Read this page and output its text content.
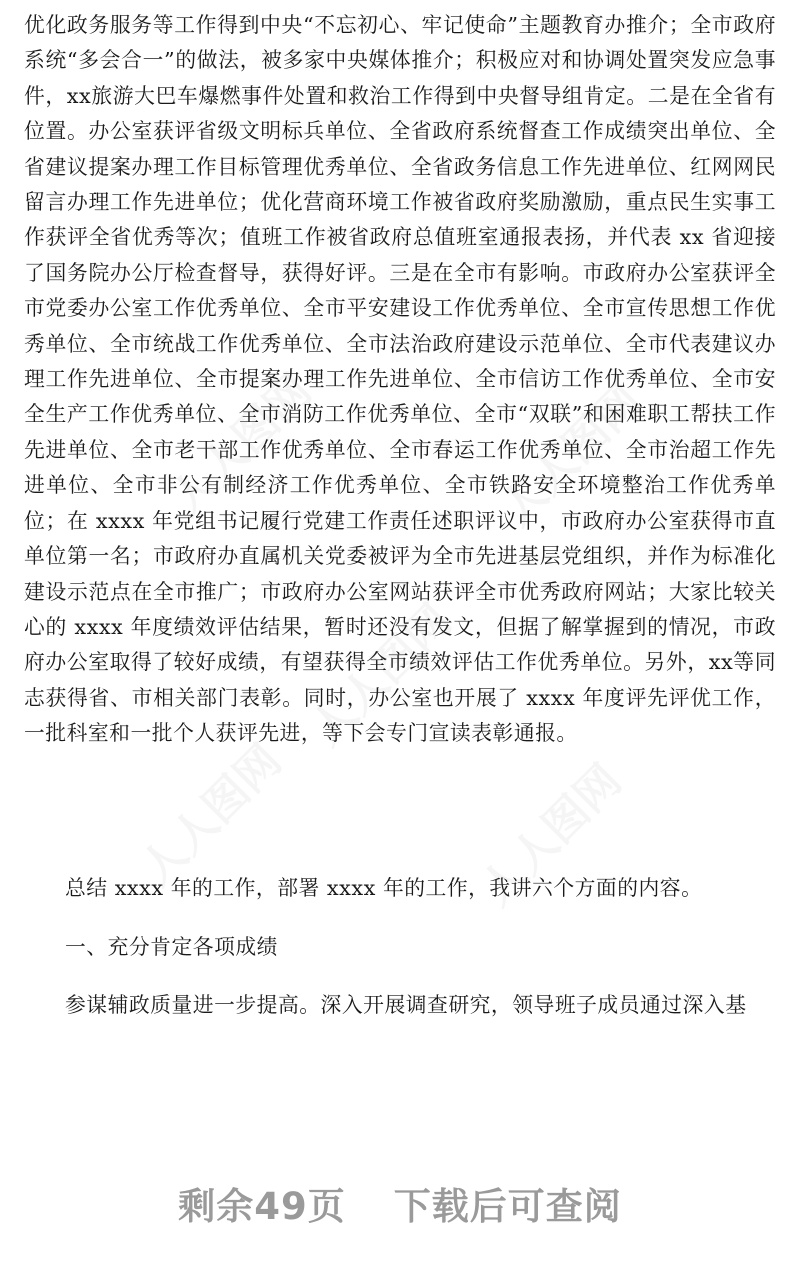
优化政务服务等工作得到中央“不忘初心、牢记使命”主题教育办推介；全市政府系统“多会合一”的做法，被多家中央媒体推介；积极应对和协调处置突发应急事件，xx旅游大巴车爆燃事件处置和救治工作得到中央督导组肯定。二是在全省有位置。办公室获评省级文明标兵单位、全省政府系统督查工作成绩突出单位、全省建议提案办理工作目标管理优秀单位、全省政务信息工作先进单位、红网网民留言办理工作先进单位；优化营商环境工作被省政府奖励激励，重点民生实事工作获评全省优秀等次；值班工作被省政府总值班室通报表扬，并代表 xx 省迎接了国务院办公厅检查督导，获得好评。三是在全市有影响。市政府办公室获评全市党委办公室工作优秀单位、全市平安建设工作优秀单位、全市宣传思想工作优秀单位、全市统战工作优秀单位、全市法治政府建设示范单位、全市代表建议办理工作先进单位、全市提案办理工作先进单位、全市信访工作优秀单位、全市安全生产工作优秀单位、全市消防工作优秀单位、全市“双联”和困难职工帮扶工作先进单位、全市老干部工作优秀单位、全市春运工作优秀单位、全市治超工作先进单位、全市非公有制经济工作优秀单位、全市铁路安全环境整治工作优秀单位；在 xxxx 年党组书记履行党建工作责任述职评议中，市政府办公室获得市直单位第一名；市政府办直属机关党委被评为全市先进基层党组织，并作为标准化建设示范点在全市推广；市政府办公室网站获评全市优秀政府网站；大家比较关心的 xxxx 年度绩效评估结果，暂时还没有发文，但据了解掌握到的情况，市政府办公室取得了较好成绩，有望获得全市绩效评估工作优秀单位。另外，xx等同志获得省、市相关部门表彰。同时，办公室也开展了 xxxx 年度评先评优工作，一批科室和一批个人获评先进，等下会专门宣读表彰通报。

总结 xxxx 年的工作，部署 xxxx 年的工作，我讲六个方面的内容。

一、充分肯定各项成绩

参谋辅政质量进一步提高。深入开展调查研究，领导班子成员通过深入基

人人图网	人人图网
人人图网
人人图网	人人图网
剩余49页 下载后可查阅
